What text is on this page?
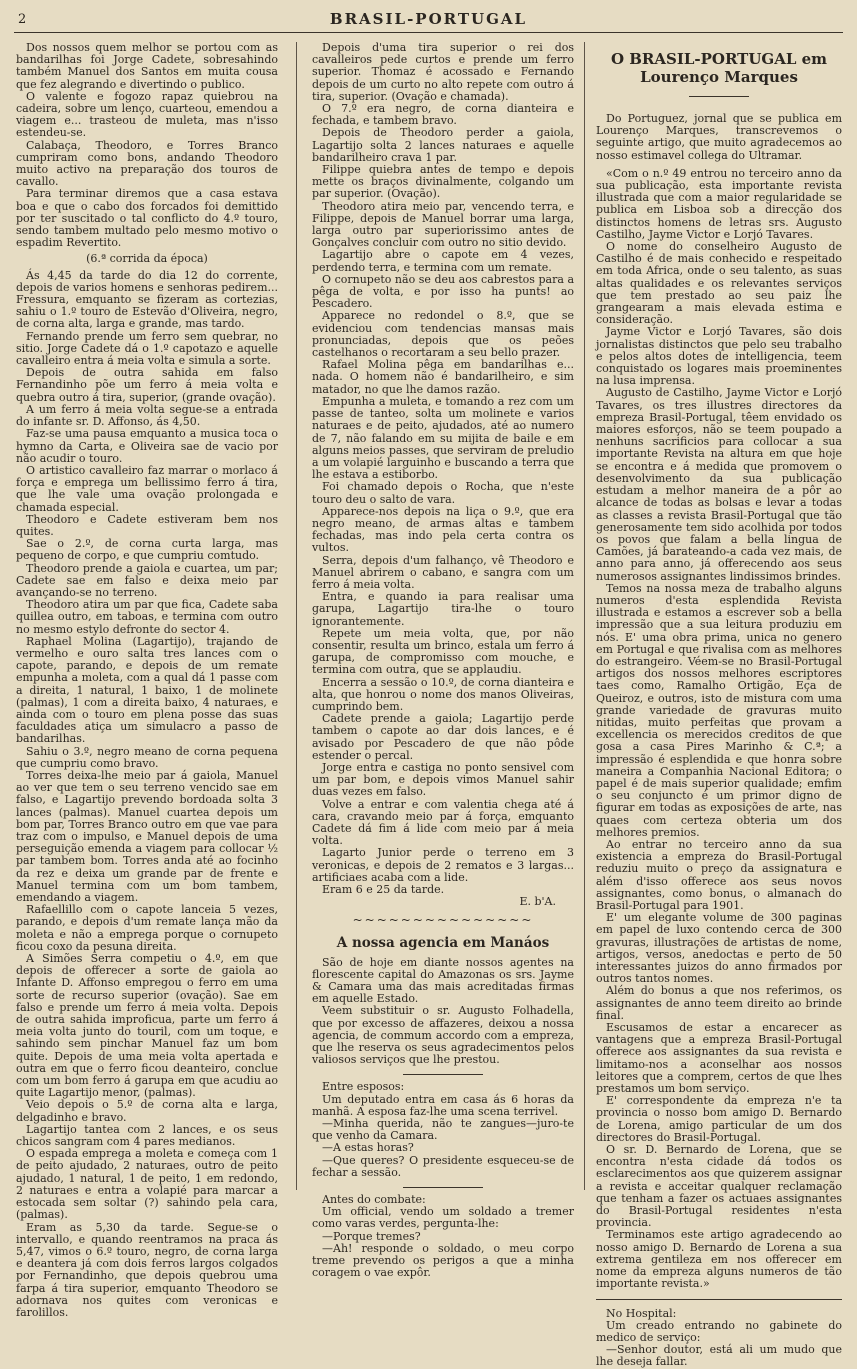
2	BRASIL-PORTUGAL

Dos nossos quem melhor se portou com as bandarilhas foi Jorge Cadete, sobresahindo também Manuel dos Santos em muita cousa que fez alegrando e divertindo o publico.

O valente e fogozo rapaz quiebrou na cadeira, sobre um lenço, cuarteou, emendou a viagem e... trasteou de muleta, mas n'isso estendeu-se.

Calabaça, Theodoro, e Torres Branco cumpriram como bons, andando Theodoro muito activo na preparação dos touros de cavallo.

Para terminar diremos que a casa estava boa e que o cabo dos forcados foi demittido por ter suscitado o tal conflicto do 4.º touro, sendo tambem multado pelo mesmo motivo o espadim Revertito.

(6.ª corrida da época)

Ás 4,45 da tarde do dia 12 do corrente, depois de varios homens e senhoras pedirem... Fressura, emquanto se fizeram as cortezias, sahiu o 1.º touro de Estevão d'Oliveira, negro, de corna alta, larga e grande, mas tardo.

Fernando prende um ferro sem quebrar, no sitio. Jorge Cadete dá o 1.º capotazo e aquelle cavalleiro entra á meia volta e simula a sorte.

Depois de outra sahida em falso Fernandinho põe um ferro á meia volta e quebra outro á tira, superior, (grande ovação).

A um ferro á meia volta segue-se a entrada do infante sr. D. Affonso, ás 4,50.

Faz-se uma pausa emquanto a musica toca o hymno da Carta, e Oliveira sae de vacio por não acudir o touro.

O artistico cavalleiro faz marrar o morlaco á força e emprega um bellissimo ferro á tira, que lhe vale uma ovação prolongada e chamada especial.

Theodoro e Cadete estiveram bem nos quites.

Sae o 2.º, de corna curta larga, mas pequeno de corpo, e que cumpriu comtudo.

Theodoro prende a gaiola e cuartea, um par; Cadete sae em falso e deixa meio par avançando-se no terreno.

Theodoro atira um par que fica, Cadete saba quillea outro, em taboas, e termina com outro no mesmo estylo defronte do sector 4.

Raphael Molina (Lagartijo), trajando de vermelho e ouro salta tres lances com o capote, parando, e depois de um remate empunha a moleta, com a qual dá 1 passe com a direita, 1 natural, 1 baixo, 1 de molinete (palmas), 1 com a direita baixo, 4 naturaes, e ainda com o touro em plena posse das suas faculdades atiça um simulacro a passo de bandarilhas.

Sahiu o 3.º, negro meano de corna pequena que cumpriu como bravo.

Torres deixa-lhe meio par á gaiola, Manuel ao ver que tem o seu terreno vencido sae em falso, e Lagartijo prevendo bordoada solta 3 lances (palmas). Manuel cuartea depois um bom par, Torres Branco outro em que vae para traz com o impulso, e Manuel depois de uma perseguição emenda a viagem para collocar ½ par tambem bom. Torres anda até ao focinho da rez e deixa um grande par de frente e Manuel termina com um bom tambem, emendando a viagem.

Rafaellillo com o capote lanceia 5 vezes, parando, e depois d'um remate lança mão da moleta e não a emprega porque o cornupeto ficou coxo da pesuna direita.

A Simões Serra competiu o 4.º, em que depois de offerecer a sorte de gaiola ao Infante D. Affonso empregou o ferro em uma sorte de recurso superior (ovação). Sae em falso e prende um ferro á meia volta. Depois de outra sahida improficua, parte um ferro á meia volta junto do touril, com um toque, e sahindo sem pinchar Manuel faz um bom quite. Depois de uma meia volta apertada e outra em que o ferro ficou deanteiro, conclue com um bom ferro á garupa em que acudiu ao quite Lagartijo menor, (palmas).

Veio depois o 5.º de corna alta e larga, delgadinho e bravo.

Lagartijo tantea com 2 lances, e os seus chicos sangram com 4 pares medianos.

O espada emprega a moleta e começa com 1 de peito ajudado, 2 naturaes, outro de peito ajudado, 1 natural, 1 de peito, 1 em redondo, 2 naturaes e entra a volapié para marcar a estocada sem soltar (?) sahindo pela cara, (palmas).

Eram as 5,30 da tarde. Segue-se o intervallo, e quando reentramos na praca ás 5,47, vimos o 6.º touro, negro, de corna larga e deantera já com dois ferros largos colgados por Fernandinho, que depois quebrou uma farpa á tira superior, emquanto Theodoro se adornava nos quites com veronicas e farolillos.

Depois d'uma tira superior o rei dos cavalleiros pede curtos e prende um ferro superior. Thomaz é acossado e Fernando depois de um curto no alto repete com outro á tira, superior. (Ovação e chamada).

O 7.º era negro, de corna dianteira e fechada, e tambem bravo.

Depois de Theodoro perder a gaiola, Lagartijo solta 2 lances naturaes e aquelle bandarilheiro crava 1 par.

Filippe quiebra antes de tempo e depois mette os braços divinalmente, colgando um par superior. (Ovação).

Theodoro atira meio par, vencendo terra, e Filippe, depois de Manuel borrar uma larga, larga outro par superiorissimo antes de Gonçalves concluir com outro no sitio devido.

Lagartijo abre o capote em 4 vezes, perdendo terra, e termina com um remate.

O cornupeto não se deu aos cabrestos para a pêga de volta, e por isso ha punts! ao Pescadero.

Apparece no redondel o 8.º, que se evidenciou com tendencias mansas mais pronunciadas, depois que os peões castelhanos o recortaram a seu bello prazer.

Rafael Molina pêga em bandarilhas e... nada. O homem não é bandarilheiro, e sim matador, no que lhe damos razão.

Empunha a muleta, e tomando a rez com um passe de tanteo, solta um molinete e varios naturaes e de peito, ajudados, até ao numero de 7, não falando em su mijita de baile e em alguns meios passes, que serviram de preludio a um volapié larguinho e buscando a terra que lhe estava a estiborbo.

Foi chamado depois o Rocha, que n'este touro deu o salto de vara.

Apparece-nos depois na liça o 9.º, que era negro meano, de armas altas e tambem fechadas, mas indo pela certa contra os vultos.

Serra, depois d'um falhanço, vê Theodoro e Manuel abrirem o cabano, e sangra com um ferro á meia volta.

Entra, e quando ia para realisar uma garupa, Lagartijo tira-lhe o touro ignorantemente.

Repete um meia volta, que, por não consentir, resulta um brinco, estala um ferro á garupa, de compromisso com mouche, e termina com outra, que se applaudiu.

Encerra a sessão o 10.º, de corna dianteira e alta, que honrou o nome dos manos Oliveiras, cumprindo bem.

Cadete prende a gaiola; Lagartijo perde tambem o capote ao dar dois lances, e é avisado por Pescadero de que não pôde estender o percal.

Jorge entra e castiga no ponto sensivel com um par bom, e depois vimos Manuel sahir duas vezes em falso.

Volve a entrar e com valentia chega até á cara, cravando meio par á força, emquanto Cadete dá fim á lide com meio par á meia volta.

Lagarto Junior perde o terreno em 3 veronicas, e depois de 2 rematos e 3 largas... artificiaes acaba com a lide.

Eram 6 e 25 da tarde.

E. b'A.

~~~~~~~~~~~~~~~

A nossa agencia em Manáos

São de hoje em diante nossos agentes na florescente capital do Amazonas os srs. Jayme & Camara uma das mais acreditadas firmas em aquelle Estado.

Veem substituir o sr. Augusto Folhadella, que por excesso de affazeres, deixou a nossa agencia, de commum accordo com a empreza, que lhe reserva os seus agradecimentos pelos valiosos serviços que lhe prestou.

Entre esposos:

Um deputado entra em casa ás 6 horas da manhã. A esposa faz-lhe uma scena terrivel.

—Minha querida, não te zangues—juro-te que venho da Camara.

—A estas horas?

—Que queres? O presidente esqueceu-se de fechar a sessão.

Antes do combate:

Um official, vendo um soldado a tremer como varas verdes, pergunta-lhe:

—Porque tremes?

—Ah! responde o soldado, o meu corpo treme prevendo os perigos a que a minha coragem o vae expôr.

O BRASIL-PORTUGAL em Lourenço Marques

Do Portuguez, jornal que se publica em Lourenço Marques, transcrevemos o seguinte artigo, que muito agradecemos ao nosso estimavel collega do Ultramar.

«Com o n.º 49 entrou no terceiro anno da sua publicação, esta importante revista illustrada que com a maior regularidade se publica em Lisboa sob a direcção dos distinctos homens de letras srs. Augusto Castilho, Jayme Victor e Lorjó Tavares.

O nome do conselheiro Augusto de Castilho é de mais conhecido e respeitado em toda Africa, onde o seu talento, as suas altas qualidades e os relevantes serviços que tem prestado ao seu paiz lhe grangearam a mais elevada estima e consideração.

Jayme Victor e Lorjó Tavares, são dois jornalistas distinctos que pelo seu trabalho e pelos altos dotes de intelligencia, teem conquistado os logares mais proeminentes na lusa imprensa.

Augusto de Castilho, Jayme Victor e Lorjó Tavares, os tres illustres directores da empreza Brasil-Portugal, têem envidado os maiores esforços, não se teem poupado a nenhuns sacrificios para collocar a sua importante Revista na altura em que hoje se encontra e á medida que promovem o desenvolvimento da sua publicação estudam a melhor maneira de a pôr ao alcance de todas as bolsas e levar a todas as classes a revista Brasil-Portugal que tão generosamente tem sido acolhida por todos os povos que falam a bella lingua de Camões, já barateando-a cada vez mais, de anno para anno, já offerecendo aos seus numerosos assignantes lindissimos brindes.

Temos na nossa meza de trabalho alguns numeros d'esta esplendida Revista illustrada e estamos a escrever sob a bella impressão que a sua leitura produziu em nós. E' uma obra prima, unica no genero em Portugal e que rivalisa com as melhores do estrangeiro. Véem-se no Brasil-Portugal artigos dos nossos melhores escriptores taes como, Ramalho Ortigão, Eça de Queiroz, e outros, isto de mistura com uma grande variedade de gravuras muito nitidas, muito perfeitas que provam a excellencia os merecidos creditos de que gosa a casa Pires Marinho & C.ª; a impressão é esplendida e que honra sobre maneira a Companhia Nacional Editora; o papel é de mais superior qualidade; emfim o seu conjuncto é um primor digno de figurar em todas as exposições de arte, nas quaes com certeza obteria um dos melhores premios.

Ao entrar no terceiro anno da sua existencia a empreza do Brasil-Portugal reduziu muito o preço da assignatura e além d'isso offerece aos seus novos assignantes, como bonus, o almanach do Brasil-Portugal para 1901.

E' um elegante volume de 300 paginas em papel de luxo contendo cerca de 300 gravuras, illustrações de artistas de nome, artigos, versos, anedoctas e perto de 50 interessantes juizos do anno firmados por outros tantos nomes.

Além do bonus a que nos referimos, os assignantes de anno teem direito ao brinde final.

Escusamos de estar a encarecer as vantagens que a empreza Brasil-Portugal offerece aos assignantes da sua revista e limitamo-nos a aconselhar aos nossos leitores que a comprem, certos de que lhes prestamos um bom serviço.

E' correspondente da empreza n'e ta provincia o nosso bom amigo D. Bernardo de Lorena, amigo particular de um dos directores do Brasil-Portugal.

O sr. D. Bernardo de Lorena, que se encontra n'esta cidade dá todos os esclarecimentos aos que quizerem assignar a revista e acceitar qualquer reclamação que tenham a fazer os actuaes assignantes do Brasil-Portugal residentes n'esta provincia.

Terminamos este artigo agradecendo ao nosso amigo D. Bernardo de Lorena a sua extrema gentileza em nos offerecer em nome da empreza alguns numeros de tão importante revista.»

No Hospital:

Um creado entrando no gabinete do medico de serviço:

—Senhor doutor, está ali um mudo que lhe deseja fallar.
